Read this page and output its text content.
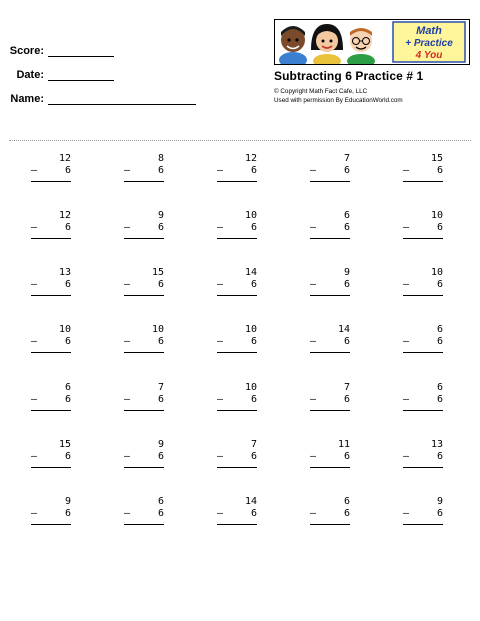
Score:
Date:
Name:
Math
+ Practice
4 You
Subtracting 6 Practice # 1
© Copyright Math Fact Cafe, LLC
Used with permission By EducationWorld.com
12
–	6
8
–	6
12
–	6
7
–	6
15
–	6
12
–	6
9
–	6
10
–	6
6
–	6
10
–	6
13
–	6
15
–	6
14
–	6
9
–	6
10
–	6
10
–	6
10
–	6
10
–	6
14
–	6
6
–	6
6
–	6
7
–	6
10
–	6
7
–	6
6
–	6
15
–	6
9
–	6
7
–	6
11
–	6
13
–	6
9
–	6
6
–	6
14
–	6
6
–	6
9
–	6
